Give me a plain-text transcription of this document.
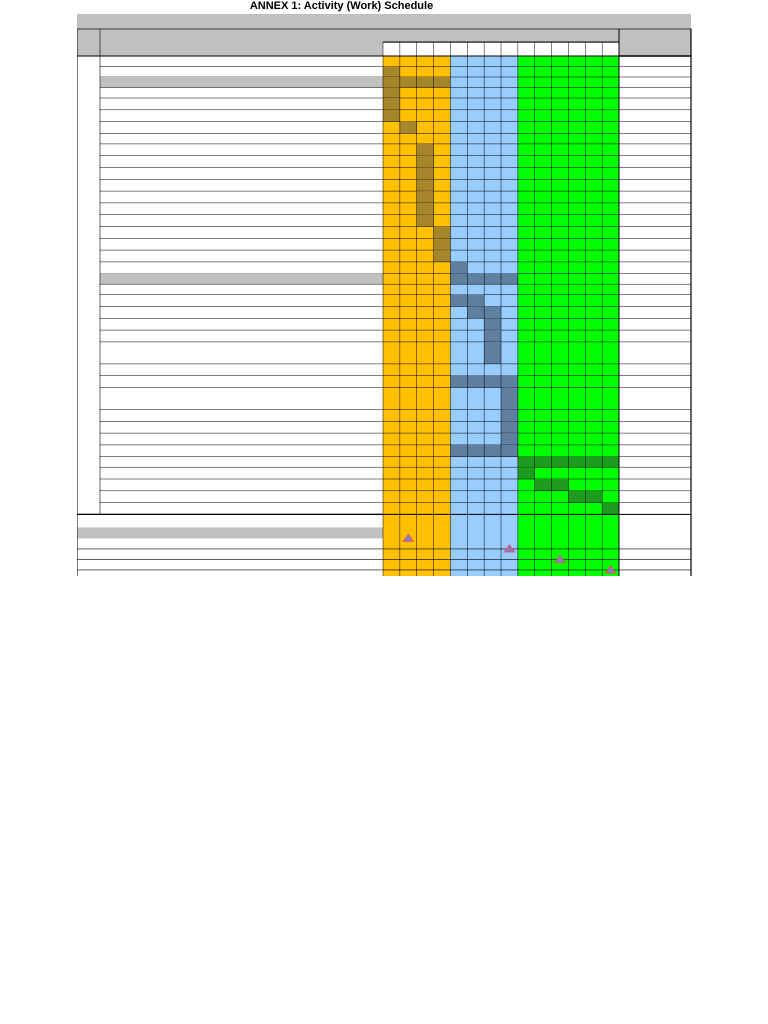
ANNEX 1: Activity (Work) Schedule
